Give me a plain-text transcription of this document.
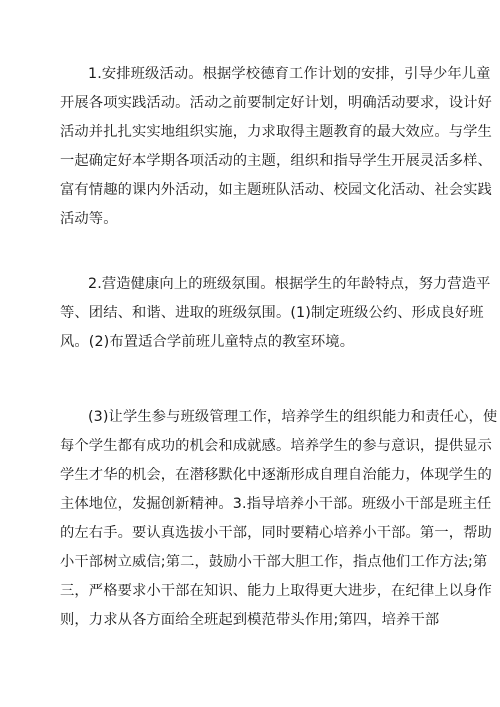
1.安排班级活动。根据学校德育工作计划的安排，引导少年儿童
开展各项实践活动。活动之前要制定好计划，明确活动要求，设计好
活动并扎扎实实地组织实施，力求取得主题教育的最大效应。与学生
一起确定好本学期各项活动的主题，组织和指导学生开展灵活多样、
富有情趣的课内外活动，如主题班队活动、校园文化活动、社会实践
活动等。
2.营造健康向上的班级氛围。根据学生的年龄特点，努力营造平
等、团结、和谐、进取的班级氛围。(1)制定班级公约、形成良好班
风。(2)布置适合学前班儿童特点的教室环境。
(3)让学生参与班级管理工作，培养学生的组织能力和责任心，使
每个学生都有成功的机会和成就感。培养学生的参与意识，提供显示
学生才华的机会，在潜移默化中逐渐形成自理自治能力，体现学生的
主体地位，发掘创新精神。3.指导培养小干部。班级小干部是班主任
的左右手。要认真选拔小干部，同时要精心培养小干部。第一，帮助
小干部树立威信;第二，鼓励小干部大胆工作，指点他们工作方法;第
三，严格要求小干部在知识、能力上取得更大进步，在纪律上以身作
则，力求从各方面给全班起到模范带头作用;第四，培养干部
